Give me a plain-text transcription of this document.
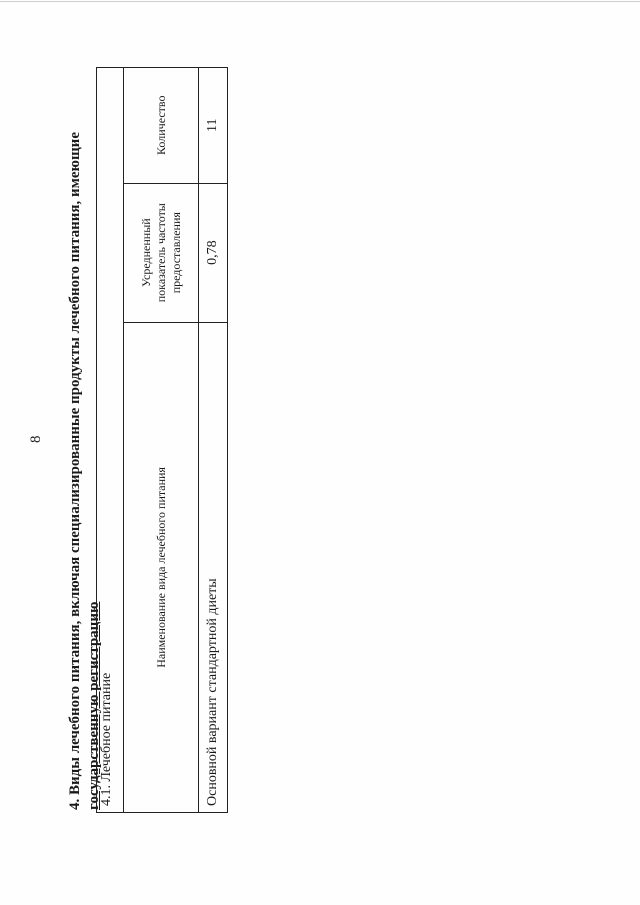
8 4. Виды лечебного питания, включая специализированные продукты лечебного питания, имеющие государственную регистрацию
4.1. Лечебное питание		
Наименование вида лечебного питания	Усредненный показатель частоты предоставления	Количество
Основной вариант стандартной диеты	0,78	11
